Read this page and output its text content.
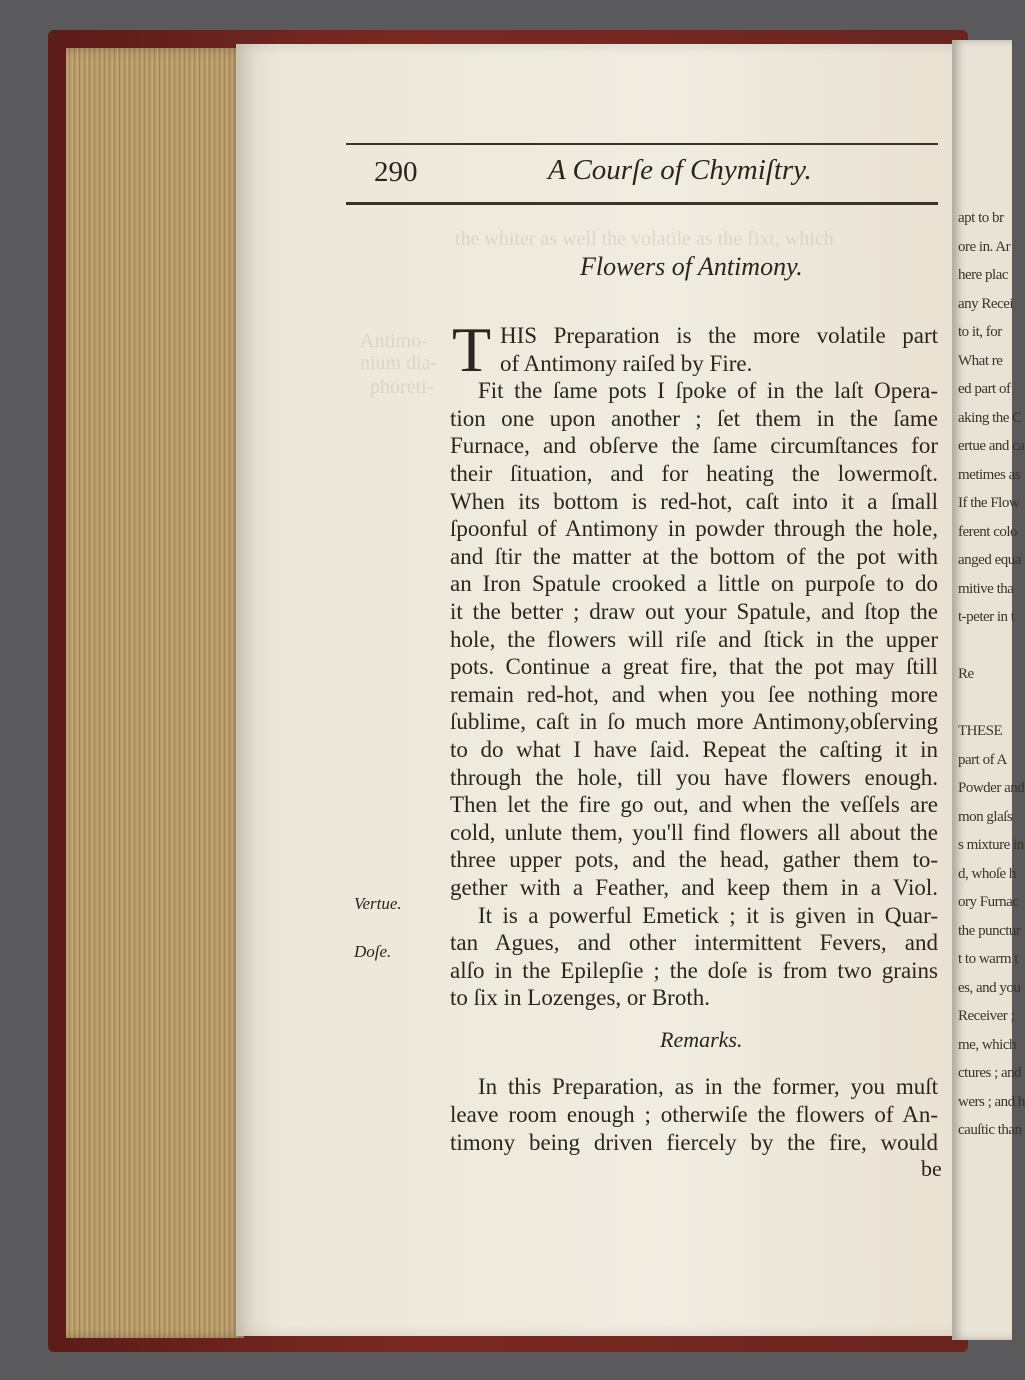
apt to br
ore in. Ar
here plac
any Recei
to it, for
What re
ed part of
aking the C
ertue and ca
metimes as
If the Flow
ferent colo
anged equa
mitive tha
t-peter in t
Re
THESE
part of A
Powder and
mon glaſs
s mixture in
d, whoſe h
ory Furnac
the punctur
t to warm t
es, and you
Receiver ;
me, which
ctures ; and
wers ; and h
cauſtic than
the whiter as well the volatile as the fixt, which
Antimo-
nium dia-
phoreti-
290	A Courſe of Chymiſtry.
Flowers of Antimony.
T HIS Preparation is the more volatile part
of Antimony raiſed by Fire.
Fit the ſame pots I ſpoke of in the laſt Opera-
tion one upon another ; ſet them in the ſame
Furnace, and obſerve the ſame circumſtances for
their ſituation, and for heating the lowermoſt.
When its bottom is red-hot, caſt into it a ſmall
ſpoonful of Antimony in powder through the hole,
and ſtir the matter at the bottom of the pot with
an Iron Spatule crooked a little on purpoſe to do
it the better ; draw out your Spatule, and ſtop the
hole, the flowers will riſe and ſtick in the upper
pots. Continue a great fire, that the pot may ſtill
remain red-hot, and when you ſee nothing more
ſublime, caſt in ſo much more Antimony,obſerving
to do what I have ſaid. Repeat the caſting it in
through the hole, till you have flowers enough.
Then let the fire go out, and when the veſſels are
cold, unlute them, you'll find flowers all about the
three upper pots, and the head, gather them to-
gether with a Feather, and keep them in a Viol.
It is a powerful Emetick ; it is given in Quar-
tan Agues, and other intermittent Fevers, and
alſo in the Epilepſie ; the doſe is from two grains
to ſix in Lozenges, or Broth.
Vertue.
Doſe.
Remarks.
In this Preparation, as in the former, you muſt
leave room enough ; otherwiſe the flowers of An-
timony being driven fiercely by the fire, would
be
